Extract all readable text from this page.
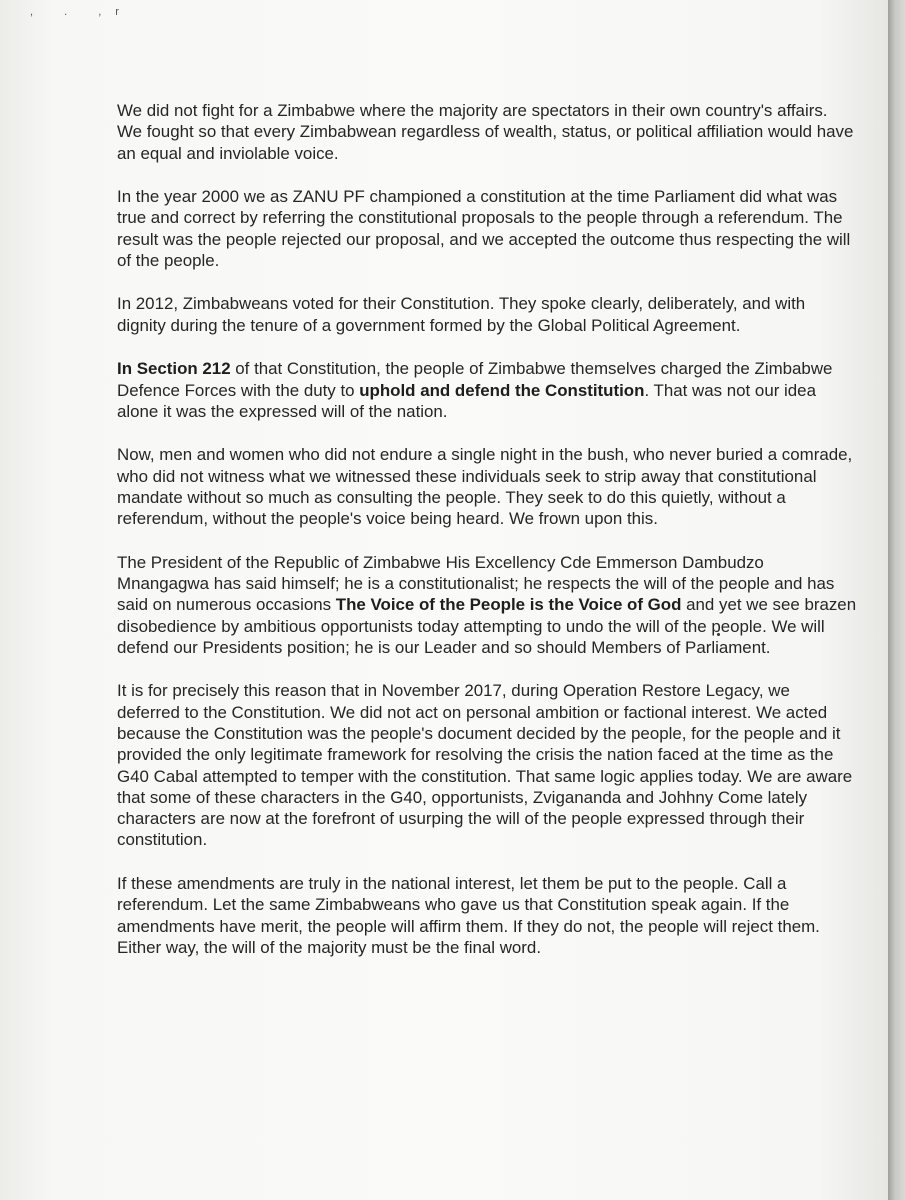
, . ,r

We did not fight for a Zimbabwe where the majority are spectators in their own country's affairs. We fought so that every Zimbabwean regardless of wealth, status, or political affiliation would have an equal and inviolable voice.

In the year 2000 we as ZANU PF championed a constitution at the time Parliament did what was true and correct by referring the constitutional proposals to the people through a referendum. The result was the people rejected our proposal, and we accepted the outcome thus respecting the will of the people.

In 2012, Zimbabweans voted for their Constitution. They spoke clearly, deliberately, and with dignity during the tenure of a government formed by the Global Political Agreement.

In Section 212 of that Constitution, the people of Zimbabwe themselves charged the Zimbabwe Defence Forces with the duty to uphold and defend the Constitution. That was not our idea alone it was the expressed will of the nation.

Now, men and women who did not endure a single night in the bush, who never buried a comrade, who did not witness what we witnessed these individuals seek to strip away that constitutional mandate without so much as consulting the people. They seek to do this quietly, without a referendum, without the people's voice being heard. We frown upon this.

The President of the Republic of Zimbabwe His Excellency Cde Emmerson Dambudzo Mnangagwa has said himself; he is a constitutionalist; he respects the will of the people and has said on numerous occasions The Voice of the People is the Voice of God and yet we see brazen disobedience by ambitious opportunists today attempting to undo the will of the people. We will defend our Presidents position; he is our Leader and so should Members of Parliament.

It is for precisely this reason that in November 2017, during Operation Restore Legacy, we deferred to the Constitution. We did not act on personal ambition or factional interest. We acted because the Constitution was the people's document decided by the people, for the people and it provided the only legitimate framework for resolving the crisis the nation faced at the time as the G40 Cabal attempted to temper with the constitution. That same logic applies today. We are aware that some of these characters in the G40, opportunists, Zvigananda and Johhny Come lately characters are now at the forefront of usurping the will of the people expressed through their constitution.

If these amendments are truly in the national interest, let them be put to the people. Call a referendum. Let the same Zimbabweans who gave us that Constitution speak again. If the amendments have merit, the people will affirm them. If they do not, the people will reject them. Either way, the will of the majority must be the final word.
